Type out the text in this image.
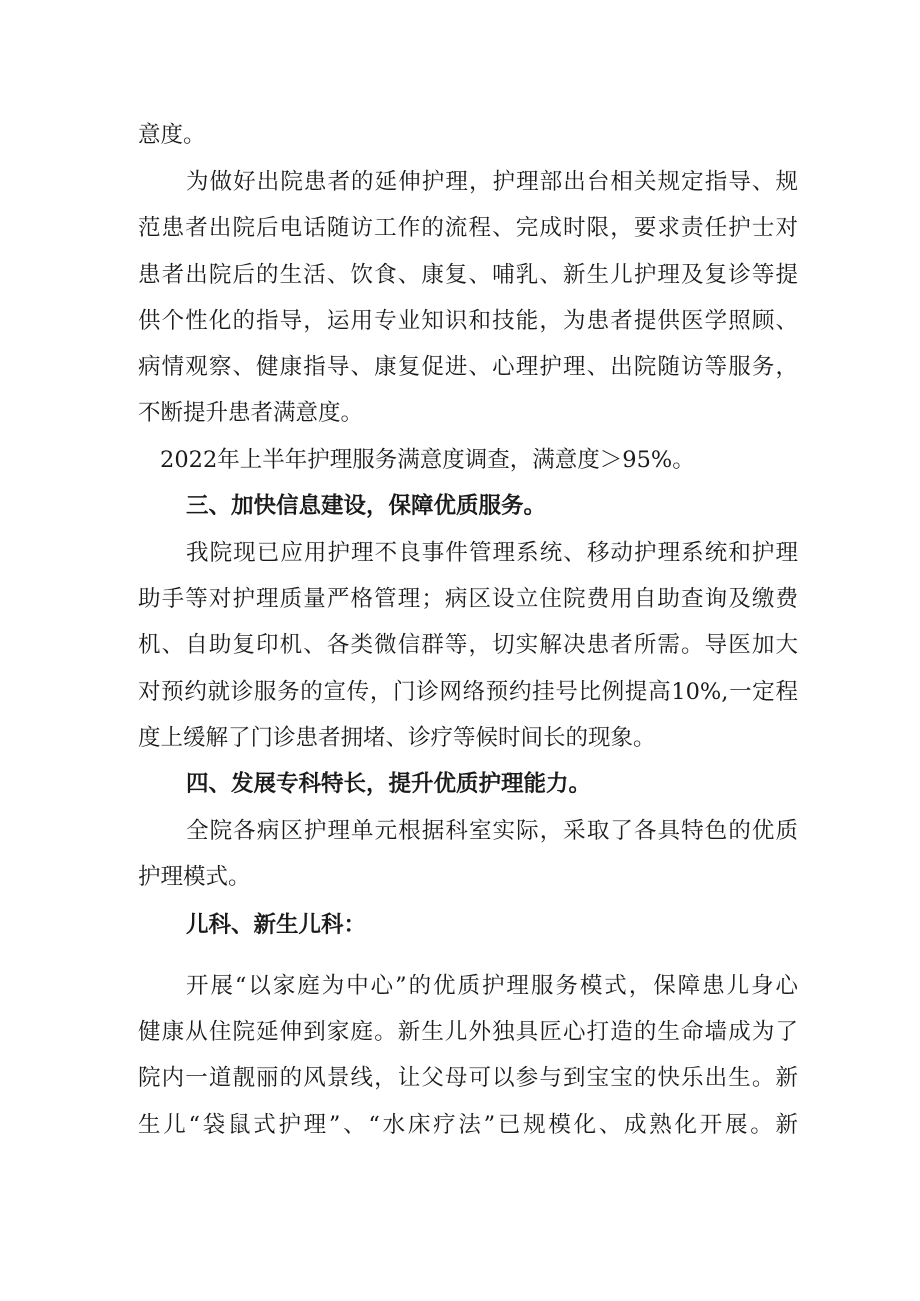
意度。
为做好出院患者的延伸护理，护理部出台相关规定指导、规
范患者出院后电话随访工作的流程、完成时限，要求责任护士对
患者出院后的生活、饮食、康复、哺乳、新生儿护理及复诊等提
供个性化的指导，运用专业知识和技能，为患者提供医学照顾、
病情观察、健康指导、康复促进、心理护理、出院随访等服务，
不断提升患者满意度。
2022年上半年护理服务满意度调查，满意度＞95%。
三、加快信息建设，保障优质服务。
我院现已应用护理不良事件管理系统、移动护理系统和护理
助手等对护理质量严格管理；病区设立住院费用自助查询及缴费
机、自助复印机、各类微信群等，切实解决患者所需。导医加大
对预约就诊服务的宣传，门诊网络预约挂号比例提高10%,一定程
度上缓解了门诊患者拥堵、诊疗等候时间长的现象。
四、发展专科特长，提升优质护理能力。
全院各病区护理单元根据科室实际，采取了各具特色的优质
护理模式。
儿科、新生儿科：
开展“以家庭为中心”的优质护理服务模式，保障患儿身心
健康从住院延伸到家庭。新生儿外独具匠心打造的生命墙成为了
院内一道靓丽的风景线，让父母可以参与到宝宝的快乐出生。新
生儿“袋鼠式护理”、“水床疗法”已规模化、成熟化开展。新
